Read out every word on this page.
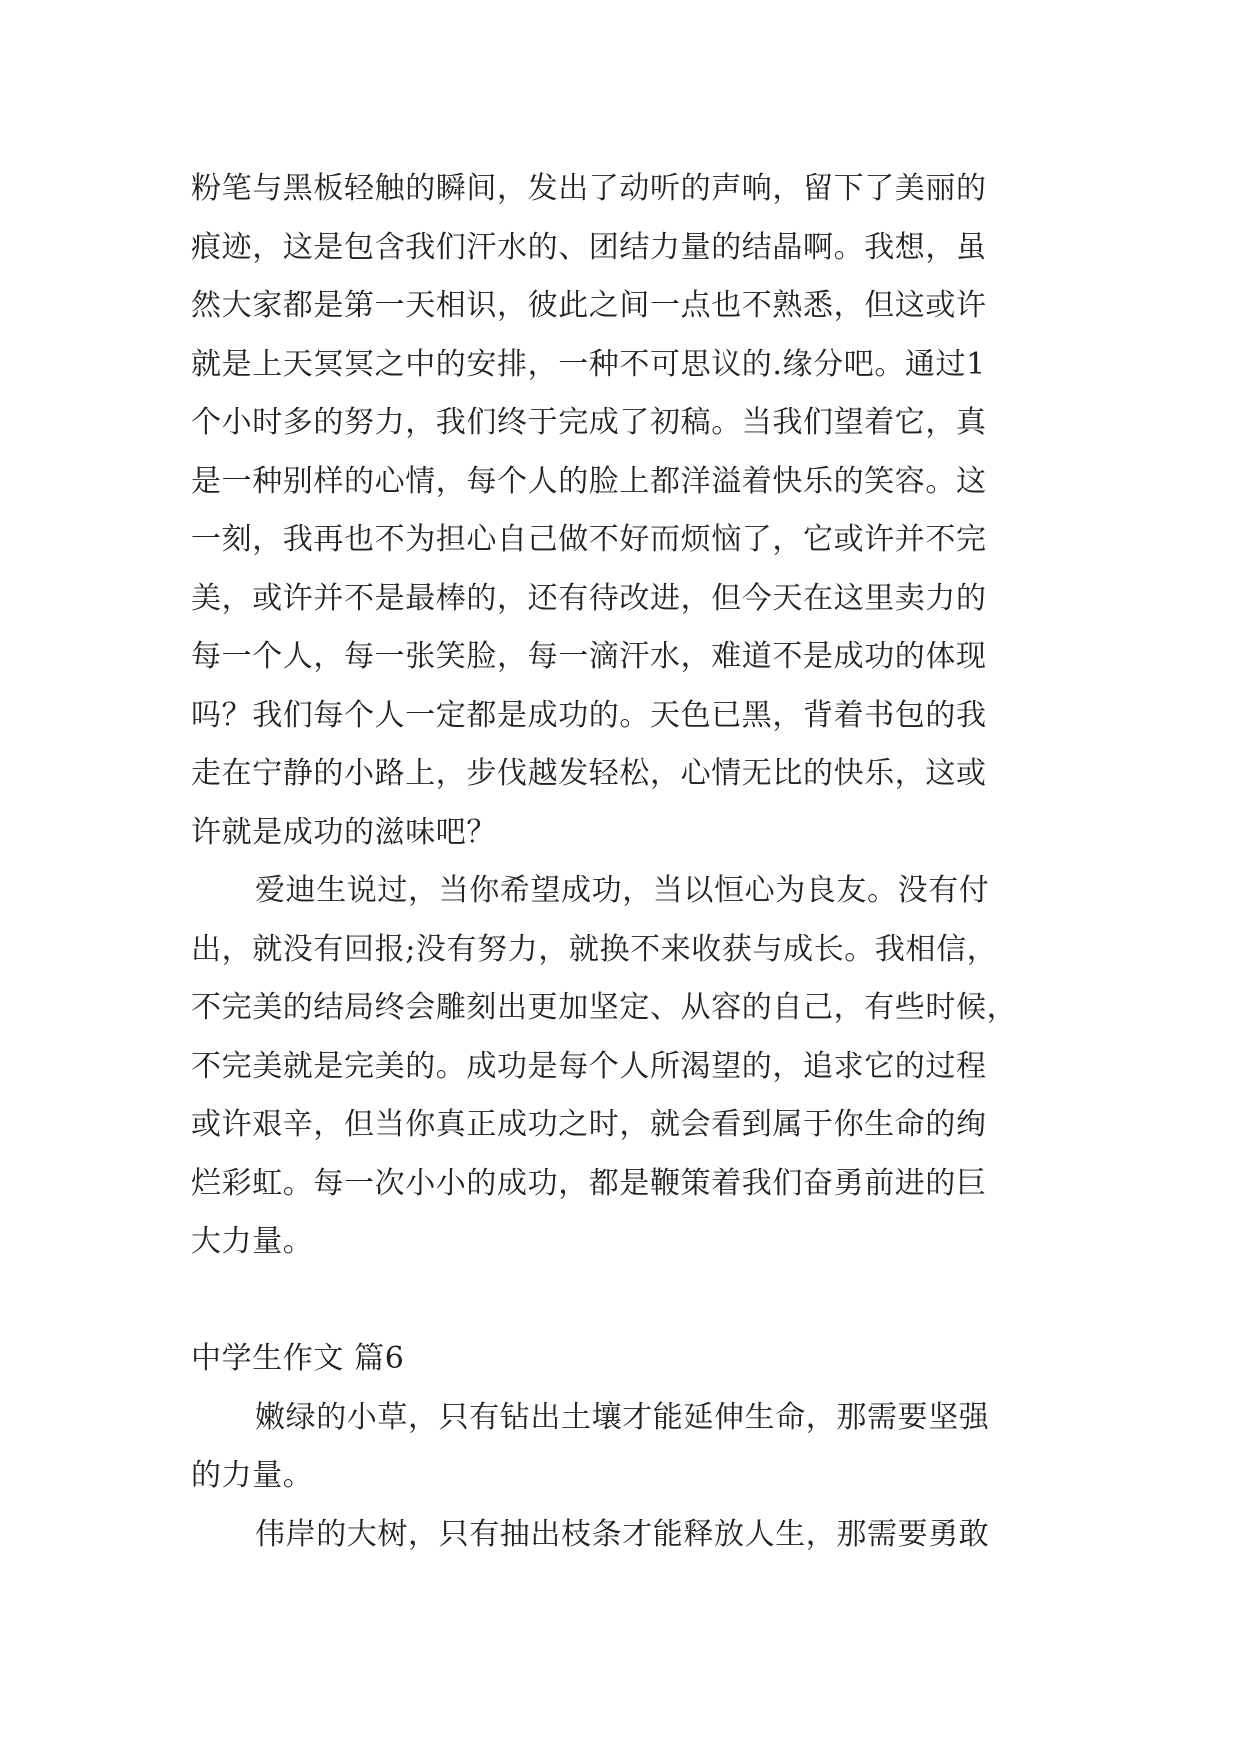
粉笔与黑板轻触的瞬间，发出了动听的声响，留下了美丽的
痕迹，这是包含我们汗水的、团结力量的结晶啊。我想，虽
然大家都是第一天相识，彼此之间一点也不熟悉，但这或许
就是上天冥冥之中的安排，一种不可思议的.缘分吧。通过1
个小时多的努力，我们终于完成了初稿。当我们望着它，真
是一种别样的心情，每个人的脸上都洋溢着快乐的笑容。这
一刻，我再也不为担心自己做不好而烦恼了，它或许并不完
美，或许并不是最棒的，还有待改进，但今天在这里卖力的
每一个人，每一张笑脸，每一滴汗水，难道不是成功的体现
吗？我们每个人一定都是成功的。天色已黑，背着书包的我
走在宁静的小路上，步伐越发轻松，心情无比的快乐，这或
许就是成功的滋味吧？
爱迪生说过，当你希望成功，当以恒心为良友。没有付
出，就没有回报;没有努力，就换不来收获与成长。我相信，
不完美的结局终会雕刻出更加坚定、从容的自己，有些时候，
不完美就是完美的。成功是每个人所渴望的，追求它的过程
或许艰辛，但当你真正成功之时，就会看到属于你生命的绚
烂彩虹。每一次小小的成功，都是鞭策着我们奋勇前进的巨
大力量。
中学生作文 篇6
嫩绿的小草，只有钻出土壤才能延伸生命，那需要坚强
的力量。
伟岸的大树，只有抽出枝条才能释放人生，那需要勇敢
